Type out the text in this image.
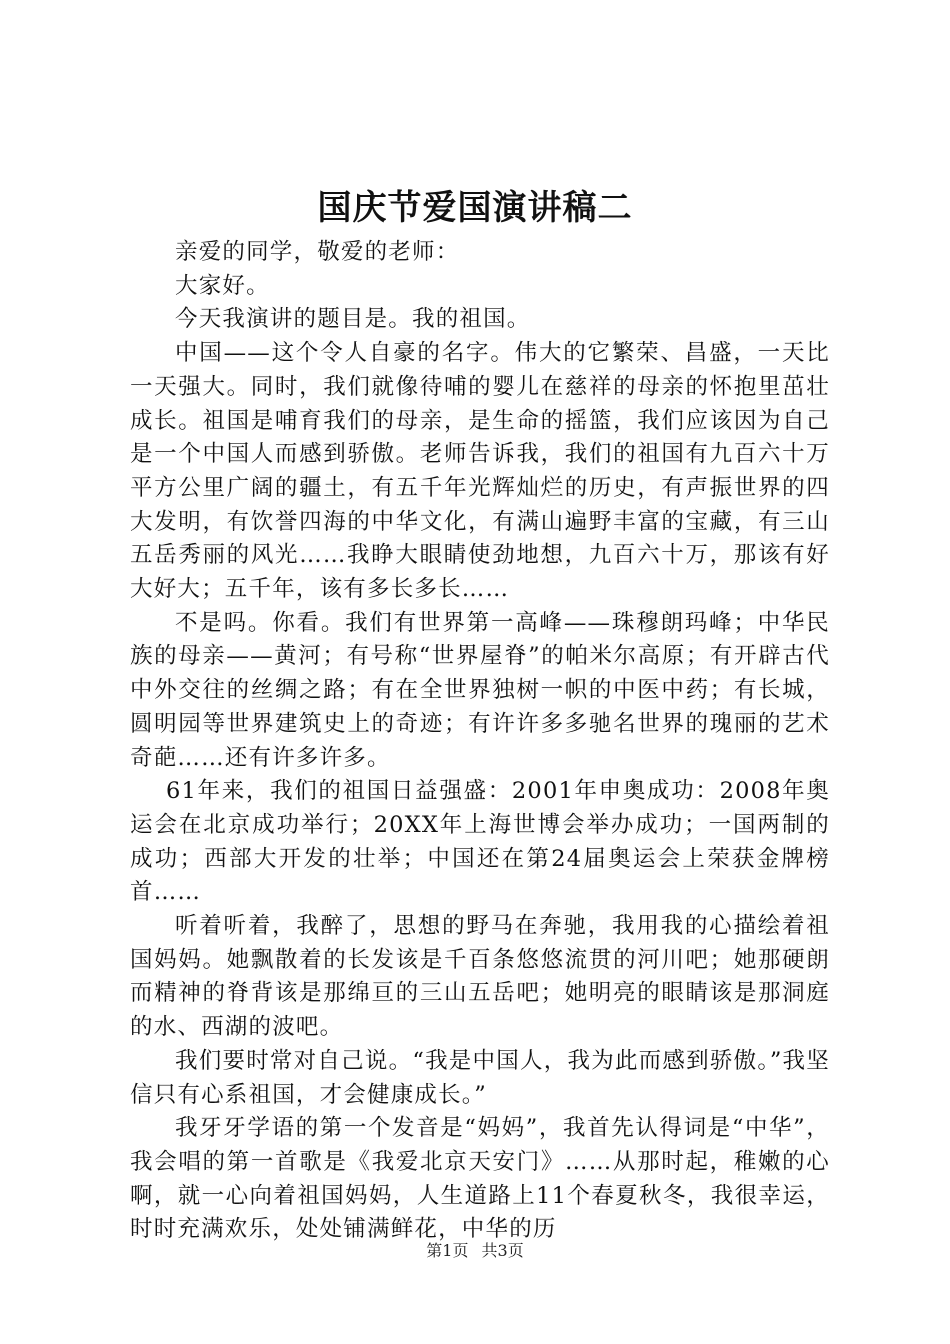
国庆节爱国演讲稿二

亲爱的同学，敬爱的老师：

大家好。

今天我演讲的题目是。我的祖国。

中国——这个令人自豪的名字。伟大的它繁荣、昌盛，一天比一天强大。同时，我们就像待哺的婴儿在慈祥的母亲的怀抱里茁壮成长。祖国是哺育我们的母亲，是生命的摇篮，我们应该因为自己是一个中国人而感到骄傲。老师告诉我，我们的祖国有九百六十万平方公里广阔的疆土，有五千年光辉灿烂的历史，有声振世界的四大发明，有饮誉四海的中华文化，有满山遍野丰富的宝藏，有三山五岳秀丽的风光……我睁大眼睛使劲地想，九百六十万，那该有好大好大；五千年，该有多长多长……

不是吗。你看。我们有世界第一高峰——珠穆朗玛峰；中华民族的母亲——黄河；有号称“世界屋脊”的帕米尔高原；有开辟古代中外交往的丝绸之路；有在全世界独树一帜的中医中药；有长城，圆明园等世界建筑史上的奇迹；有许许多多驰名世界的瑰丽的艺术奇葩……还有许多许多。

61年来，我们的祖国日益强盛：2001年申奥成功：2008年奥运会在北京成功举行；20XX年上海世博会举办成功；一国两制的成功；西部大开发的壮举；中国还在第24届奥运会上荣获金牌榜首……

听着听着，我醉了，思想的野马在奔驰，我用我的心描绘着祖国妈妈。她飘散着的长发该是千百条悠悠流贯的河川吧；她那硬朗而精神的脊背该是那绵亘的三山五岳吧；她明亮的眼睛该是那洞庭的水、西湖的波吧。

我们要时常对自己说。“我是中国人，我为此而感到骄傲。”我坚信只有心系祖国，才会健康成长。”

我牙牙学语的第一个发音是“妈妈”，我首先认得词是“中华”，我会唱的第一首歌是《我爱北京天安门》……从那时起，稚嫩的心啊，就一心向着祖国妈妈，人生道路上11个春夏秋冬，我很幸运，时时充满欢乐，处处铺满鲜花，中华的历

第1页 共3页
